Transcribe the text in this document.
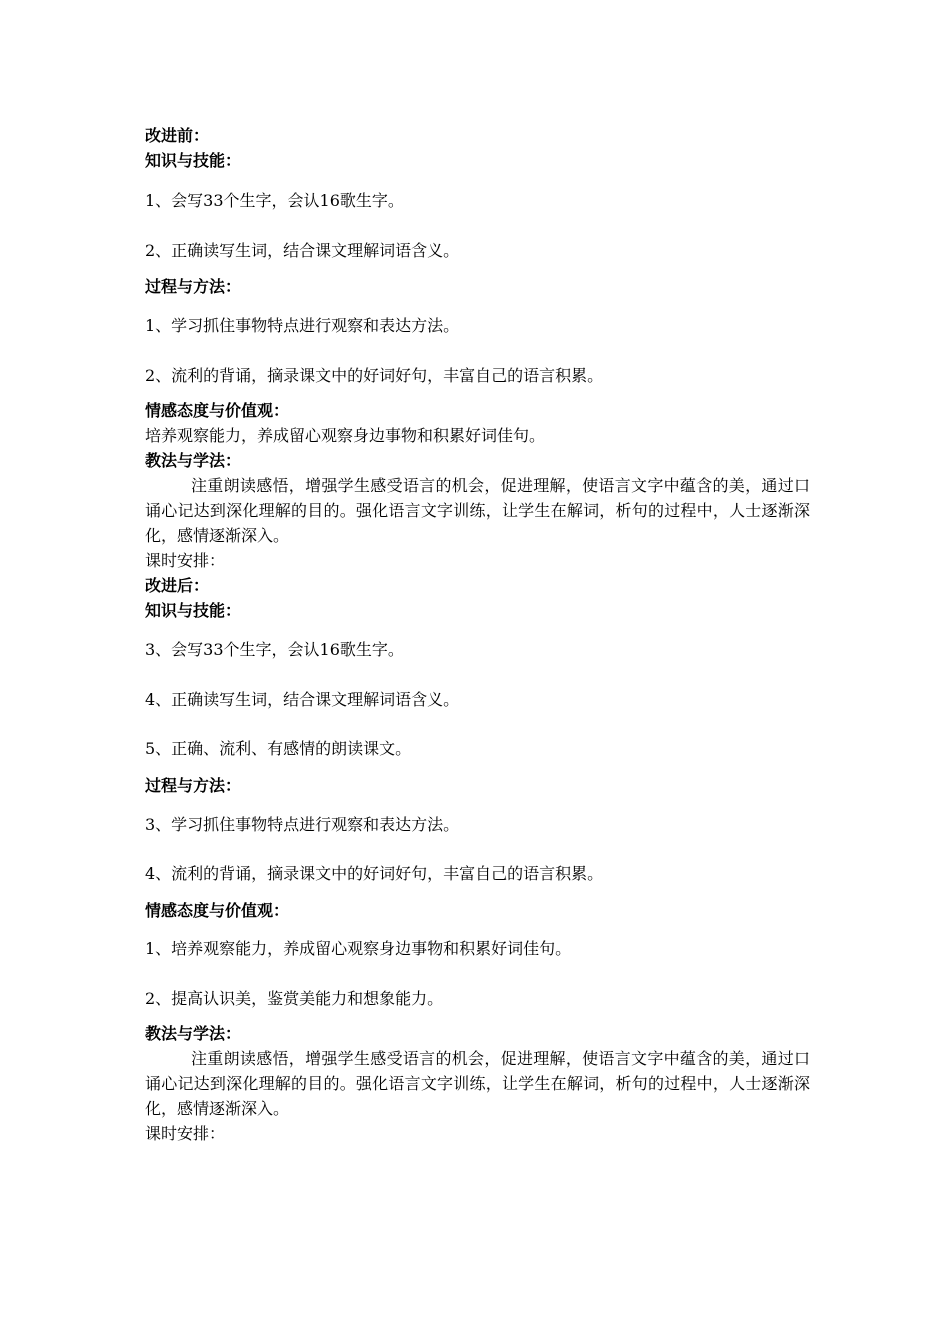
改进前：
知识与技能：
1、会写33个生字，会认16歌生字。
2、正确读写生词，结合课文理解词语含义。
过程与方法：
1、学习抓住事物特点进行观察和表达方法。
2、流利的背诵，摘录课文中的好词好句，丰富自己的语言积累。
情感态度与价值观：
培养观察能力，养成留心观察身边事物和积累好词佳句。
教法与学法：
注重朗读感悟，增强学生感受语言的机会，促进理解，使语言文字中蕴含的美，通过口诵心记达到深化理解的目的。强化语言文字训练，让学生在解词，析句的过程中，人士逐渐深化，感情逐渐深入。
课时安排：
改进后：
知识与技能：
3、会写33个生字，会认16歌生字。
4、正确读写生词，结合课文理解词语含义。
5、正确、流利、有感情的朗读课文。
过程与方法：
3、学习抓住事物特点进行观察和表达方法。
4、流利的背诵，摘录课文中的好词好句，丰富自己的语言积累。
情感态度与价值观：
1、培养观察能力，养成留心观察身边事物和积累好词佳句。
2、提高认识美，鉴赏美能力和想象能力。
教法与学法：
注重朗读感悟，增强学生感受语言的机会，促进理解，使语言文字中蕴含的美，通过口诵心记达到深化理解的目的。强化语言文字训练，让学生在解词，析句的过程中，人士逐渐深化，感情逐渐深入。
课时安排：
